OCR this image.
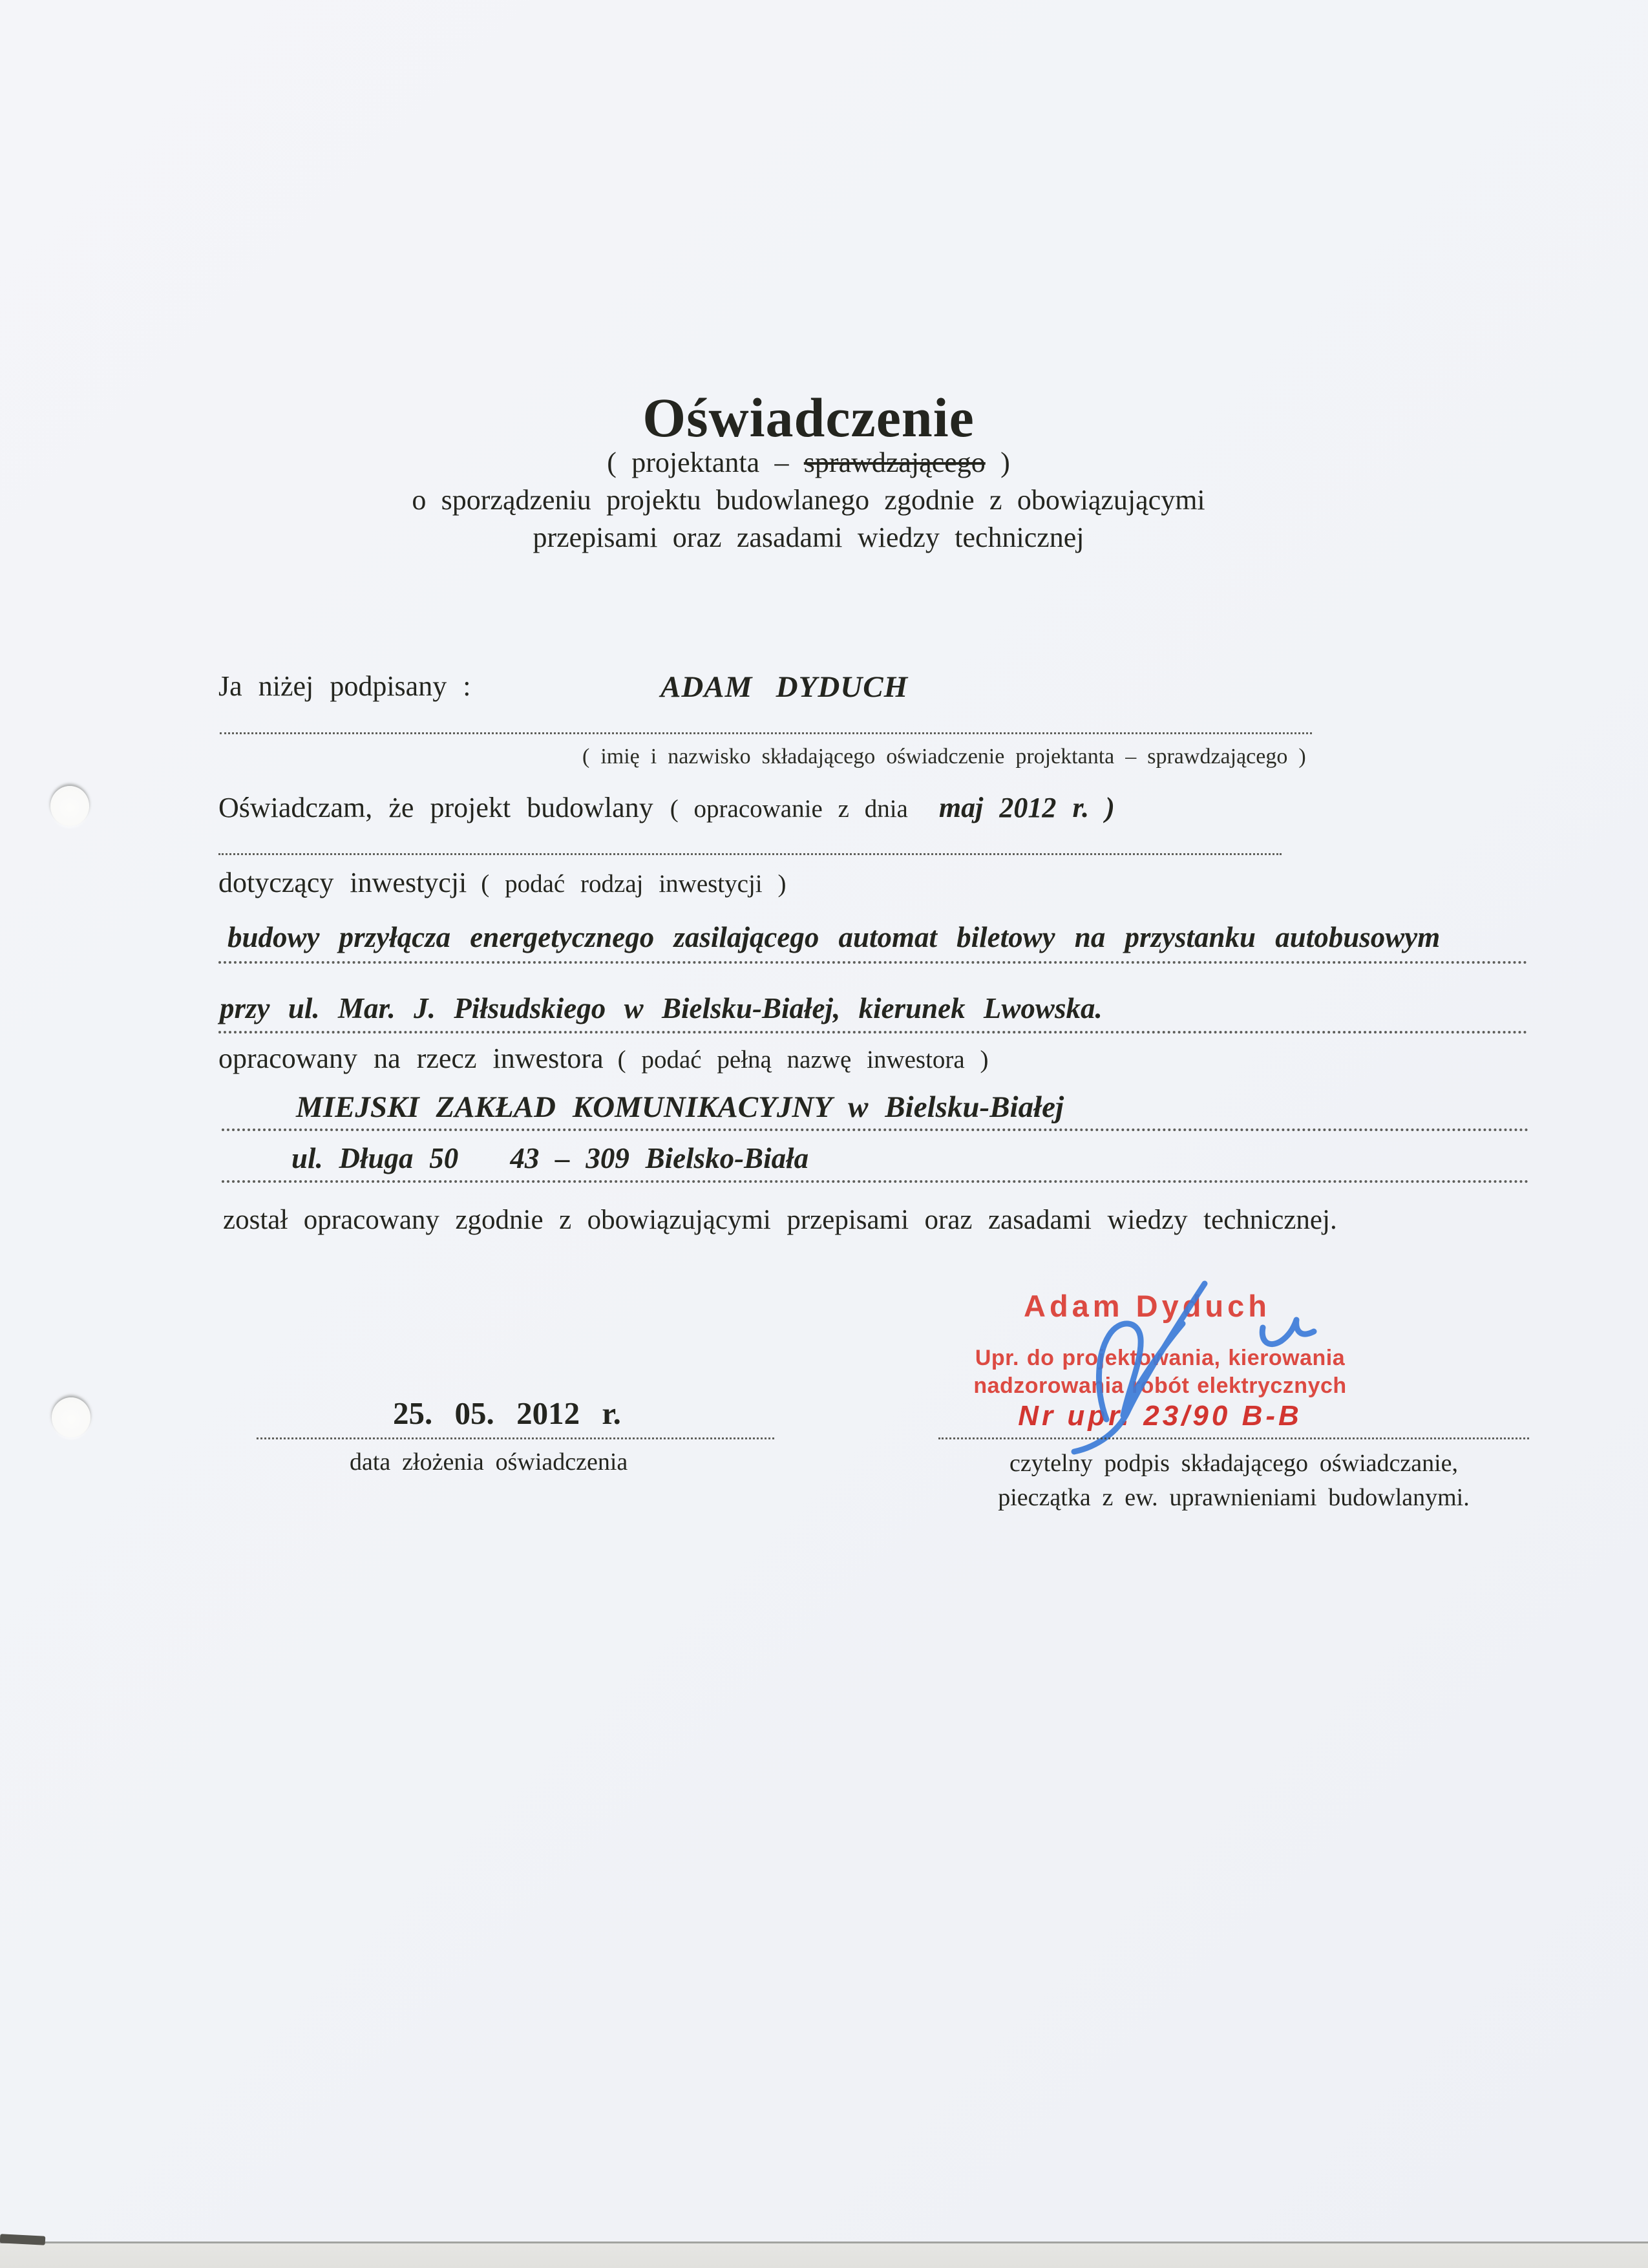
Oświadczenie
( projektanta – sprawdzającego )
o sporządzeniu projektu budowlanego zgodnie z obowiązującymi
przepisami oraz zasadami wiedzy technicznej
Ja niżej podpisany :	ADAM DYDUCH
( imię i nazwisko składającego oświadczenie projektanta – sprawdzającego )
Oświadczam, że projekt budowlany ( opracowanie z dnia maj 2012 r. )
dotyczący inwestycji ( podać rodzaj inwestycji )
budowy przyłącza energetycznego zasilającego automat biletowy na przystanku autobusowym
przy ul. Mar. J. Piłsudskiego w Bielsku-Białej, kierunek Lwowska.
opracowany na rzecz inwestora ( podać pełną nazwę inwestora )
MIEJSKI ZAKŁAD KOMUNIKACYJNY w Bielsku-Białej
ul. Długa 50 43 – 309 Bielsko-Biała
został opracowany zgodnie z obowiązującymi przepisami oraz zasadami wiedzy technicznej.
Adam Dyduch
Upr. do projektowania, kierowania
nadzorowania robót elektrycznych
Nr upr. 23/90 B-B
25. 05. 2012 r.
data złożenia oświadczenia	czytelny podpis składającego oświadczanie,
pieczątka z ew. uprawnieniami budowlanymi.
